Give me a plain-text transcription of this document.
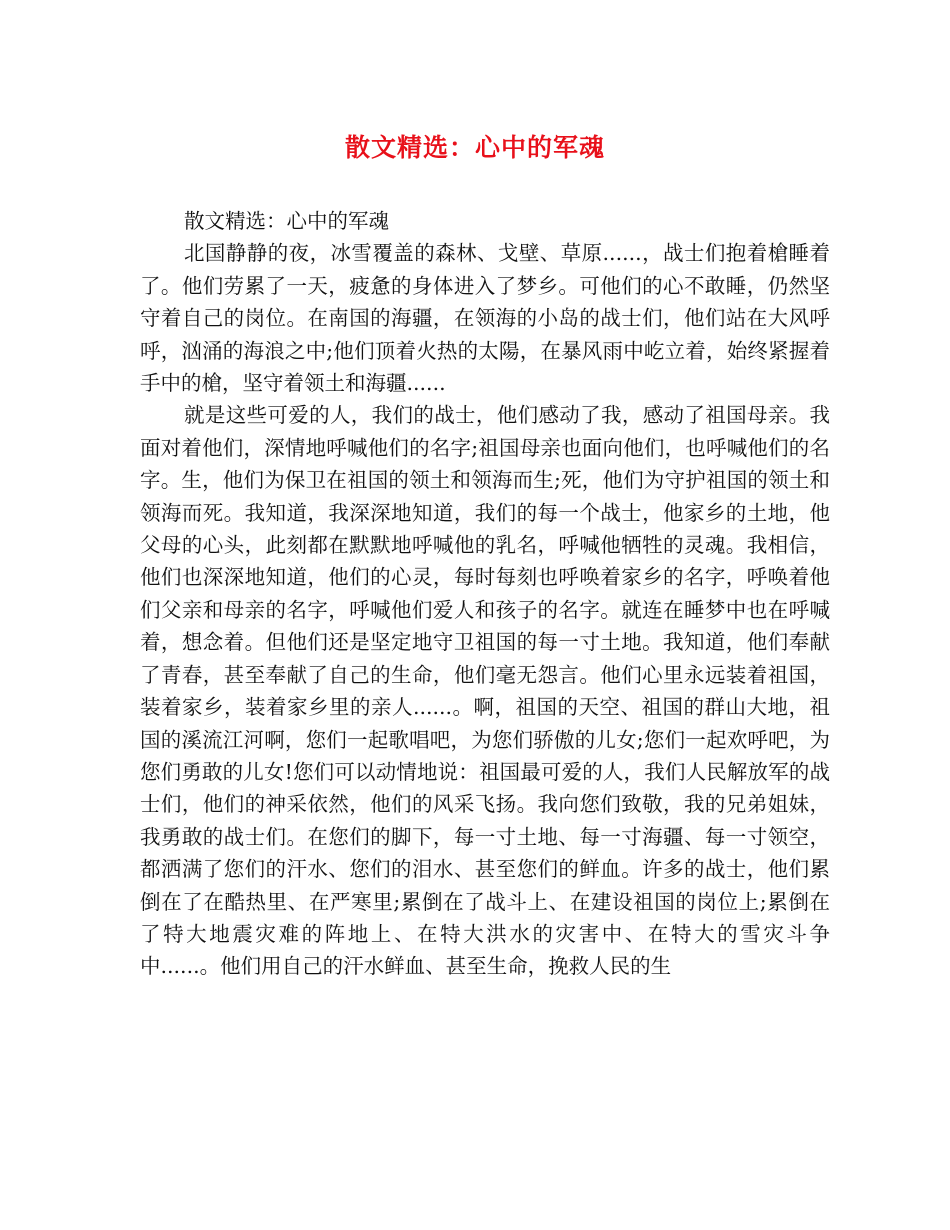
散文精选：心中的军魂

散文精选：心中的军魂

北国静静的夜，冰雪覆盖的森林、戈壁、草原......，战士们抱着槍睡着了。他们劳累了一天，疲惫的身体进入了梦乡。可他们的心不敢睡，仍然坚守着自己的岗位。在南国的海疆，在领海的小岛的战士们，他们站在大风呼呼，汹涌的海浪之中;他们顶着火热的太陽，在暴风雨中屹立着，始终紧握着手中的槍，坚守着领土和海疆......

就是这些可爱的人，我们的战士，他们感动了我，感动了祖国母亲。我面对着他们，深情地呼喊他们的名字;祖国母亲也面向他们，也呼喊他们的名字。生，他们为保卫在祖国的领土和领海而生;死，他们为守护祖国的领土和领海而死。我知道，我深深地知道，我们的每一个战士，他家乡的土地，他父母的心头，此刻都在默默地呼喊他的乳名，呼喊他牺牲的灵魂。我相信，他们也深深地知道，他们的心灵，每时每刻也呼唤着家乡的名字，呼唤着他们父亲和母亲的名字，呼喊他们爱人和孩子的名字。就连在睡梦中也在呼喊着，想念着。但他们还是坚定地守卫祖国的每一寸土地。我知道，他们奉献了青春，甚至奉献了自己的生命，他们毫无怨言。他们心里永远装着祖国，装着家乡，装着家乡里的亲人......。啊，祖国的天空、祖国的群山大地，祖国的溪流江河啊，您们一起歌唱吧，为您们骄傲的儿女;您们一起欢呼吧，为您们勇敢的儿女!您们可以动情地说：祖国最可爱的人，我们人民解放军的战士们，他们的神采依然，他们的风采飞扬。我向您们致敬，我的兄弟姐妹，我勇敢的战士们。在您们的脚下，每一寸土地、每一寸海疆、每一寸领空，都洒满了您们的汗水、您们的泪水、甚至您们的鲜血。许多的战士，他们累倒在了在酷热里、在严寒里;累倒在了战斗上、在建设祖国的岗位上;累倒在了特大地震灾难的阵地上、在特大洪水的灾害中、在特大的雪灾斗争中......。他们用自己的汗水鲜血、甚至生命，挽救人民的生
